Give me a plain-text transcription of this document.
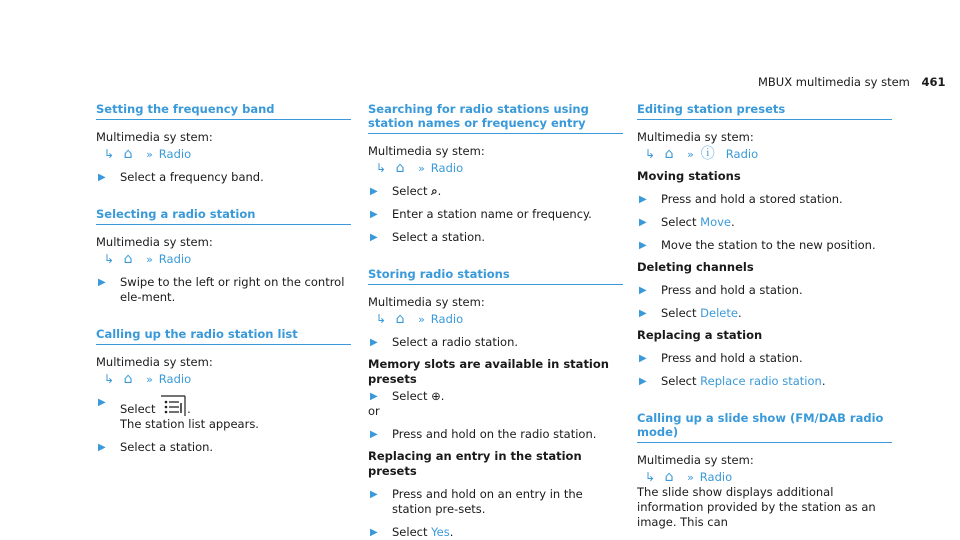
MBUX multimedia sy stem 461
Setting the frequency band
Multimedia sy stem:
↳ ⌂	» Radio
▶	Select a frequency band.
Selecting a radio station
Multimedia sy stem:
↳ ⌂	» Radio
▶	Swipe to the left or right on the control ele-ment.
Calling up the radio station list
Multimedia sy stem:
↳ ⌂	» Radio
▶	Select	.
The station list appears.
▶	Select a station.
Searching for radio stations using station names or frequency entry
Multimedia sy stem:
↳ ⌂	» Radio
▶	Select ⌕.
▶	Enter a station name or frequency.
▶	Select a station.
Storing radio stations
Multimedia sy stem:
↳ ⌂	» Radio
▶	Select a radio station.
Memory slots are available in station presets
▶	Select ⊕.
or
▶	Press and hold on the radio station.
Replacing an entry in the station presets
▶	Press and hold on an entry in the station pre-sets.
▶	Select Yes.
Editing station presets
Multimedia sy stem:
↳ ⌂	» ⓘ Radio
Moving stations
▶	Press and hold a stored station.
▶	Select Move.
▶	Move the station to the new position.
Deleting channels
▶	Press and hold a station.
▶	Select Delete.
Replacing a station
▶	Press and hold a station.
▶	Select Replace radio station.
Calling up a slide show (FM/DAB radio mode)
Multimedia sy stem:
↳ ⌂	» Radio
The slide show displays additional information provided by the station as an image. This can
